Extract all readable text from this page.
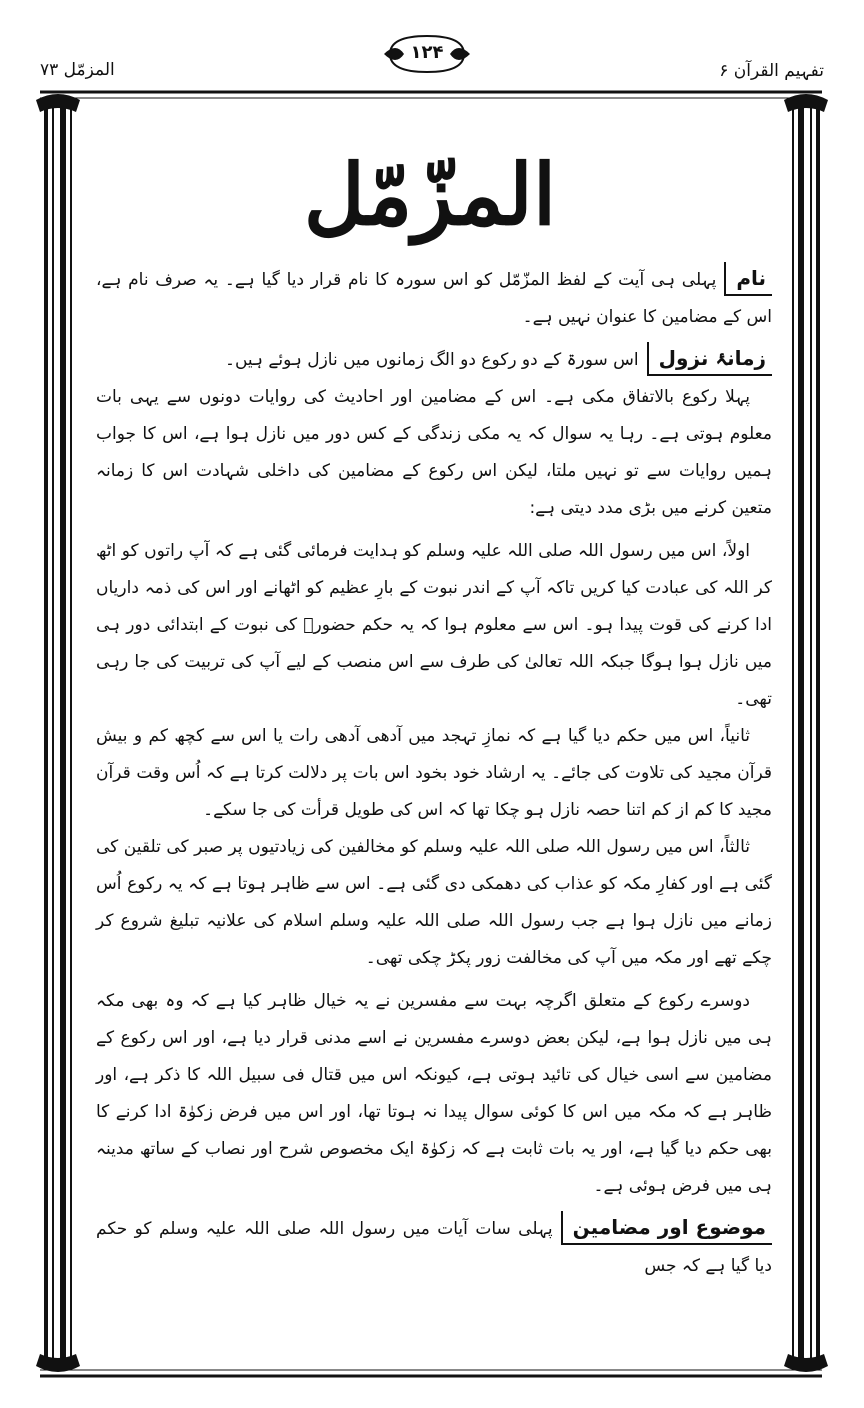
المزمّل ۷۳
۱۲۴
تفہیم القرآن ۶
المزّمّل

نامپہلی ہی آیت کے لفظ المزّمّل کو اس سورہ کا نام قرار دیا گیا ہے۔ یہ صرف نام ہے، اس کے مضامین کا عنوان نہیں ہے۔

زمانۂ نزولاس سورۃ کے دو رکوع دو الگ زمانوں میں نازل ہوئے ہیں۔

پہلا رکوع بالاتفاق مکی ہے۔ اس کے مضامین اور احادیث کی روایات دونوں سے یہی بات معلوم ہوتی ہے۔ رہا یہ سوال کہ یہ مکی زندگی کے کس دور میں نازل ہوا ہے، اس کا جواب ہمیں روایات سے تو نہیں ملتا، لیکن اس رکوع کے مضامین کی داخلی شہادت اس کا زمانہ متعین کرنے میں بڑی مدد دیتی ہے:

اولاً، اس میں رسول اللہ صلی اللہ علیہ وسلم کو ہدایت فرمائی گئی ہے کہ آپ راتوں کو اٹھ کر اللہ کی عبادت کیا کریں تاکہ آپ کے اندر نبوت کے بارِ عظیم کو اٹھانے اور اس کی ذمہ داریاں ادا کرنے کی قوت پیدا ہو۔ اس سے معلوم ہوا کہ یہ حکم حضورؐ کی نبوت کے ابتدائی دور ہی میں نازل ہوا ہوگا جبکہ اللہ تعالیٰ کی طرف سے اس منصب کے لیے آپ کی تربیت کی جا رہی تھی۔

ثانیاً، اس میں حکم دیا گیا ہے کہ نمازِ تہجد میں آدھی آدھی رات یا اس سے کچھ کم و بیش قرآن مجید کی تلاوت کی جائے۔ یہ ارشاد خود بخود اس بات پر دلالت کرتا ہے کہ اُس وقت قرآن مجید کا کم از کم اتنا حصہ نازل ہو چکا تھا کہ اس کی طویل قرأت کی جا سکے۔

ثالثاً، اس میں رسول اللہ صلی اللہ علیہ وسلم کو مخالفین کی زیادتیوں پر صبر کی تلقین کی گئی ہے اور کفارِ مکہ کو عذاب کی دھمکی دی گئی ہے۔ اس سے ظاہر ہوتا ہے کہ یہ رکوع اُس زمانے میں نازل ہوا ہے جب رسول اللہ صلی اللہ علیہ وسلم اسلام کی علانیہ تبلیغ شروع کر چکے تھے اور مکہ میں آپ کی مخالفت زور پکڑ چکی تھی۔

دوسرے رکوع کے متعلق اگرچہ بہت سے مفسرین نے یہ خیال ظاہر کیا ہے کہ وہ بھی مکہ ہی میں نازل ہوا ہے، لیکن بعض دوسرے مفسرین نے اسے مدنی قرار دیا ہے، اور اس رکوع کے مضامین سے اسی خیال کی تائید ہوتی ہے، کیونکہ اس میں قتال فی سبیل اللہ کا ذکر ہے، اور ظاہر ہے کہ مکہ میں اس کا کوئی سوال پیدا نہ ہوتا تھا، اور اس میں فرض زکوٰۃ ادا کرنے کا بھی حکم دیا گیا ہے، اور یہ بات ثابت ہے کہ زکوٰۃ ایک مخصوص شرح اور نصاب کے ساتھ مدینہ ہی میں فرض ہوئی ہے۔

موضوع اور مضامینپہلی سات آیات میں رسول اللہ صلی اللہ علیہ وسلم کو حکم دیا گیا ہے کہ جس
